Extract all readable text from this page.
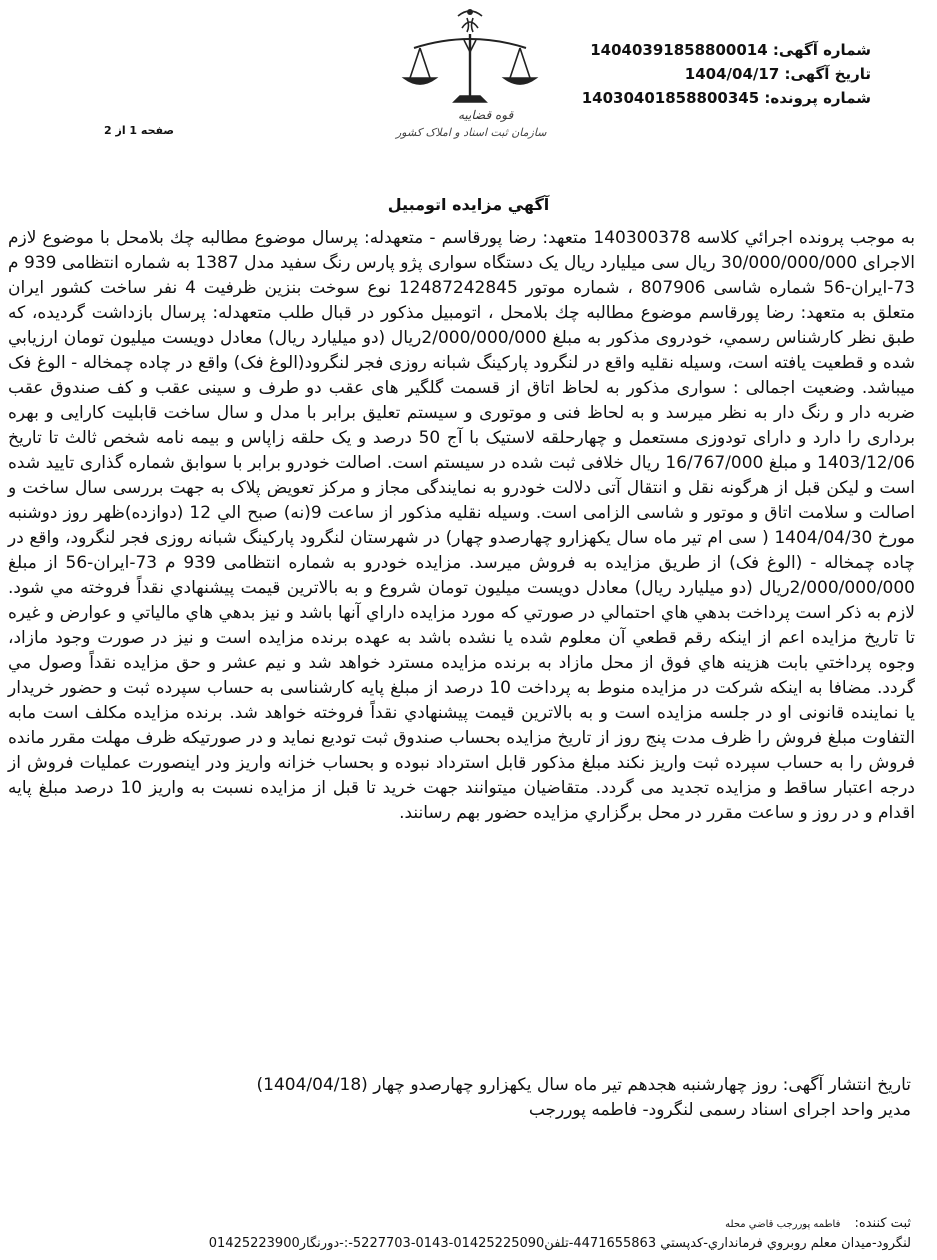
شماره آگهی: 14040391858800014
تاریخ آگهی: 1404/04/17
شماره پرونده: 14030401858800345
قوه قضاییه
سازمان ثبت اسناد و املاک کشور
صفحه 1 از 2
آگهي مزايده اتومبيل
به موجب پرونده اجرائي كلاسه 140300378 متعهد: رضا پورقاسم - متعهدله: پرسال موضوع مطالبه چك بلامحل با موضوع لازم الاجرای 30/000/000/000 ريال سی ميليارد ريال يک دستگاه سواری پژو پارس رنگ سفيد مدل 1387 به شماره انتظامی 939 م 73-ايران-56 شماره شاسی 807906 ، شماره موتور 12487242845 نوع سوخت بنزين ظرفيت 4 نفر ساخت كشور ايران متعلق به متعهد: رضا پورقاسم موضوع مطالبه چك بلامحل ، اتومبيل مذكور در قبال طلب متعهدله: پرسال بازداشت گرديده، که طبق نظر كارشناس رسمي، خودروی مذکور به مبلغ 2/000/000/000ريال (دو ميليارد ريال) معادل دويست ميليون تومان ارزيابي شده و قطعيت يافته است، وسيله نقليه واقع در لنگرود پاركينگ شبانه روزی فجر لنگرود(الوغ فک) واقع در چاده چمخاله - الوغ فک ميباشد. وضعيت اجمالی : سواری مذکور به لحاظ اتاق از قسمت گلگير های عقب دو طرف و سينی عقب و کف صندوق عقب ضربه دار و رنگ دار به نظر ميرسد و به لحاظ فنی و موتوری و سيستم تعليق برابر با مدل و سال ساخت قابليت کارايی و بهره برداری را دارد و دارای تودوزی مستعمل و چهارحلقه لاستيک با آج 50 درصد و يک حلقه زاپاس و بيمه نامه شخص ثالث تا تاريخ 1403/12/06 و مبلغ 16/767/000 ريال خلافی ثبت شده در سيستم است. اصالت خودرو برابر با سوابق شماره گذاری تاييد شده است و ليکن قبل از هرگونه نقل و انتقال آتی دلالت خودرو به نمايندگی مجاز و مرکز تعويض پلاک به جهت بررسی سال ساخت و اصالت و سلامت اتاق و موتور و شاسی الزامی است. وسيله نقليه مذكور از ساعت 9(نه) صبح الي 12 (دوازده)ظهر روز دوشنبه مورخ 1404/04/30 ( سی ام تير ماه سال یکهزارو چهارصدو چهار) در شهرستان لنگرود پاركينگ شبانه روزی فجر لنگرود، واقع در چاده چمخاله - (الوغ فک) از طريق مزايده به فروش ميرسد. مزايده خودرو به شماره انتظامی 939 م 73-ايران-56 از مبلغ 2/000/000/000ريال (دو ميليارد ريال) معادل دويست ميليون تومان شروع و به بالاترين قيمت پيشنهادي نقداً فروخته مي شود. لازم به ذكر است پرداخت بدهي هاي احتمالي در صورتي كه مورد مزايده داراي آنها باشد و نيز بدهي هاي مالياتي و عوارض و غيره تا تاريخ مزايده اعم از اينكه رقم قطعي آن معلوم شده يا نشده باشد به عهده برنده مزايده است و نيز در صورت وجود مازاد، وجوه پرداختي بابت هزينه هاي فوق از محل مازاد به برنده مزايده مسترد خواهد شد و نيم عشر و حق مزايده نقداً وصول مي گردد. مضافا به اينكه شركت در مزايده منوط به پرداخت 10 درصد از مبلغ پايه كارشناسی به حساب سپرده ثبت و حضور خريدار يا نماينده قانونی او در جلسه مزايده است و به بالاترين قيمت پيشنهادي نقداً فروخته خواهد شد. برنده مزايده مكلف است مابه التفاوت مبلغ فروش را ظرف مدت پنج روز از تاريخ مزايده بحساب صندوق ثبت توديع نمايد و در صورتيكه ظرف مهلت مقرر مانده فروش را به حساب سپرده ثبت واريز نكند مبلغ مذكور قابل استرداد نبوده و بحساب خزانه واريز ودر اينصورت عمليات فروش از درجه اعتبار ساقط و مزايده تجديد می گردد. متقاضيان ميتوانند جهت خريد تا قبل از مزايده نسبت به واريز 10 درصد مبلغ پايه اقدام و در روز و ساعت مقرر در محل برگزاري مزايده حضور بهم رسانند.
تاريخ انتشار آگهی: روز چهارشنبه هجدهم تير ماه سال يكهزارو چهارصدو چهار (1404/04/18)
مدير واحد اجرای اسناد رسمی لنگرود- فاطمه پوررجب
ثبت كننده: فاطمه پوررجب قاضي محله
لنگرود-ميدان معلم روبروي فرمانداري-كدپستي 4471655863-تلفن01425225090-0143-5227703-:-دورنگار01425223900
